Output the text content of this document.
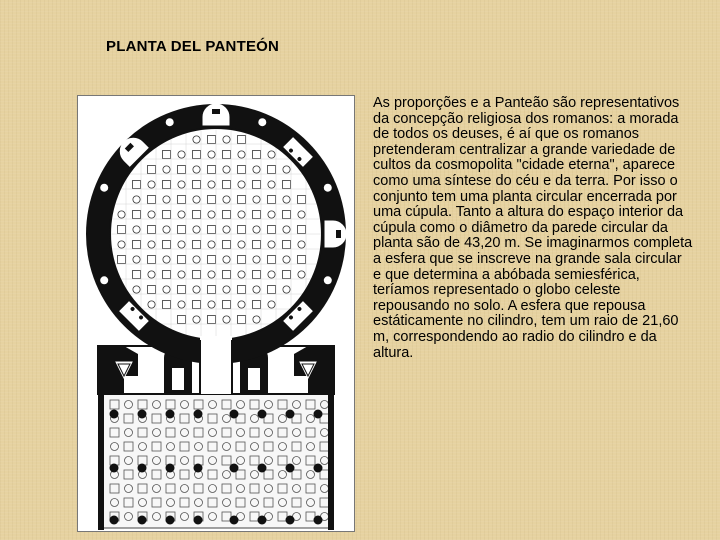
PLANTA DEL PANTEÓN

As proporções e a Panteão são representativos da concepção religiosa dos romanos: a morada de todos os deuses, é aí que os romanos pretenderam centralizar a grande variedade de cultos da cosmopolita "cidade eterna", aparece como uma síntese do céu e da terra. Por isso o conjunto tem uma planta circular encerrada por uma cúpula. Tanto a altura do espaço interior da cúpula como o diâmetro da parede circular da planta são de 43,20 m. Se imaginarmos completa a esfera que se inscreve na grande sala circular e que determina a abóbada semiesférica, teríamos representado o globo celeste repousando no solo. A esfera que repousa estáticamente no cilindro, tem um raio de 21,60 m, correspondendo ao radio do cilindro e da altura.
